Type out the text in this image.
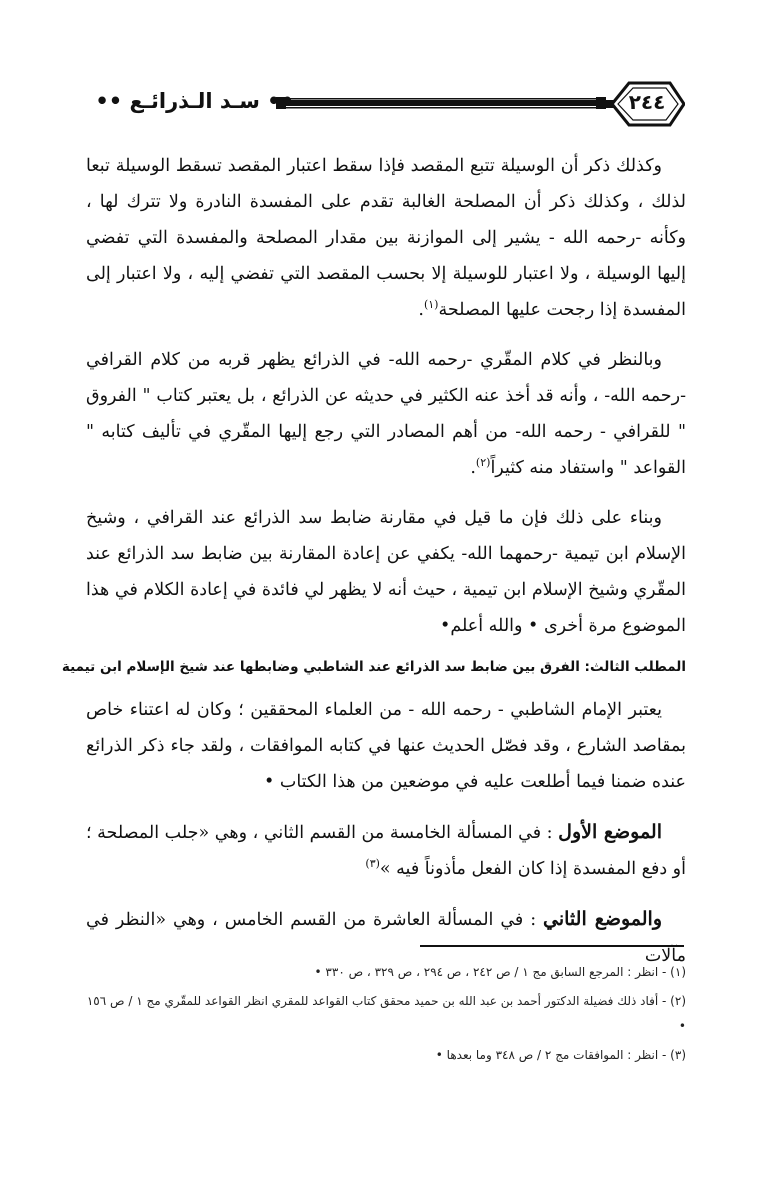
•• سـد الـذرائـع ••	٢٤٤

وكذلك ذكر أن الوسيلة تتبع المقصد فإذا سقط اعتبار المقصد تسقط الوسيلة تبعا لذلك ، وكذلك ذكر أن المصلحة الغالبة تقدم على المفسدة النادرة ولا تترك لها ، وكأنه -رحمه الله - يشير إلى الموازنة بين مقدار المصلحة والمفسدة التي تفضي إليها الوسيلة ، ولا اعتبار للوسيلة إلا بحسب المقصد التي تفضي إليه ، ولا اعتبار إلى المفسدة إذا رجحت عليها المصلحة$^{(١)}$.

وبالنظر في كلام المقّري -رحمه الله- في الذرائع يظهر قربه من كلام القرافي -رحمه الله- ، وأنه قد أخذ عنه الكثير في حديثه عن الذرائع ، بل يعتبر كتاب " الفروق " للقرافي - رحمه الله- من أهم المصادر التي رجع إليها المقّري في تأليف كتابه " القواعد " واستفاد منه كثيراً$^{(٢)}$.

وبناء على ذلك فإن ما قيل في مقارنة ضابط سد الذرائع عند القرافي ، وشيخ الإسلام ابن تيمية -رحمهما الله- يكفي عن إعادة المقارنة بين ضابط سد الذرائع عند المقّري وشيخ الإسلام ابن تيمية ، حيث أنه لا يظهر لي فائدة في إعادة الكلام في هذا الموضوع مرة أخرى • والله أعلم•

المطلب الثالث: الفرق بين ضابط سد الذرائع عند الشاطبي وضابطها عند شيخ الإسلام ابن تيمية

يعتبر الإمام الشاطبي - رحمه الله - من العلماء المحققين ؛ وكان له اعتناء خاص بمقاصد الشارع ، وقد فصّل الحديث عنها في كتابه الموافقات ، ولقد جاء ذكر الذرائع عنده ضمنا فيما أطلعت عليه في موضعين من هذا الكتاب •

الموضع الأول : في المسألة الخامسة من القسم الثاني ، وهي «جلب المصلحة ؛ أو دفع المفسدة إذا كان الفعل مأذوناً فيه »$^{(٣)}$

والموضع الثاني : في المسألة العاشرة من القسم الخامس ، وهي «النظر في مآلات

(١) - انظر : المرجع السابق مج ١ / ص ٢٤٢ ، ص ٢٩٤ ، ص ٣٢٩ ، ص ٣٣٠ •
(٢) - أفاد ذلك فضيلة الدكتور أحمد بن عبد الله بن حميد محقق كتاب القواعد للمقري انظر القواعد للمقّري مج ١ / ص ١٥٦ •
(٣) - انظر : الموافقات مج ٢ / ص ٣٤٨ وما بعدها •
